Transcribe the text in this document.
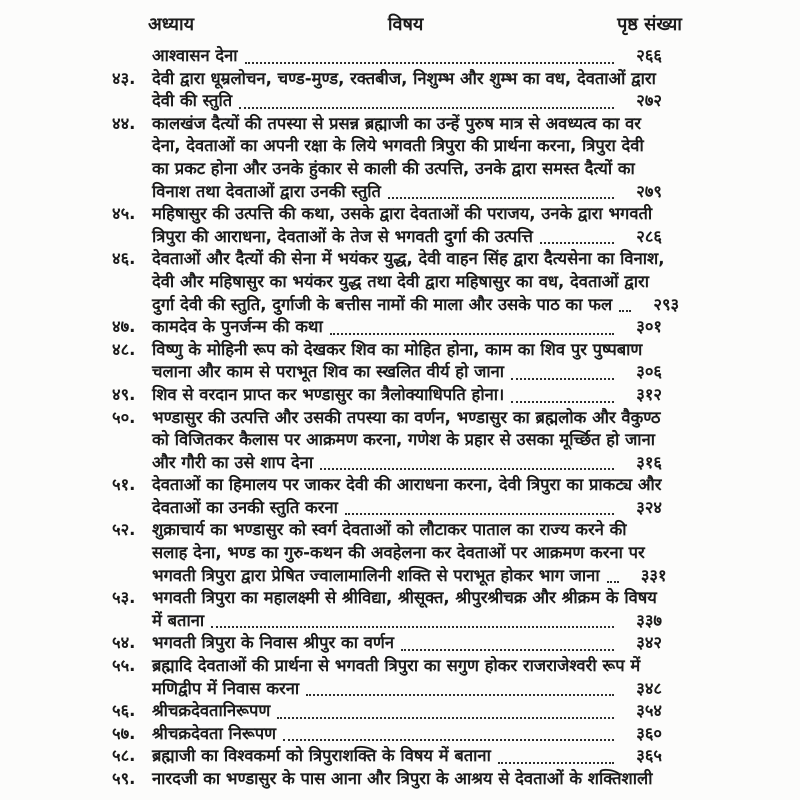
अध्याय	विषय	पृष्ठ संख्या
आश्वासन देना	२६६
४३.	देवी द्वारा धूम्रलोचन, चण्ड-मुण्ड, रक्तबीज, निशुम्भ और शुम्भ का वध, देवताओं द्वारा
देवी की स्तुति	२७२
४४.	कालखंज दैत्यों की तपस्या से प्रसन्न ब्रह्माजी का उन्हें पुरुष मात्र से अवध्यत्व का वर
देना, देवताओं का अपनी रक्षा के लिये भगवती त्रिपुरा की प्रार्थना करना, त्रिपुरा देवी
का प्रकट होना और उनके हुंकार से काली की उत्पत्ति, उनके द्वारा समस्त दैत्यों का
विनाश तथा देवताओं द्वारा उनकी स्तुति	२७९
४५.	महिषासुर की उत्पत्ति की कथा, उसके द्वारा देवताओं की पराजय, उनके द्वारा भगवती
त्रिपुरा की आराधना, देवताओं के तेज से भगवती दुर्गा की उत्पत्ति	२८६
४६.	देवताओं और दैत्यों की सेना में भयंकर युद्ध, देवी वाहन सिंह द्वारा दैत्यसेना का विनाश,
देवी और महिषासुर का भयंकर युद्ध तथा देवी द्वारा महिषासुर का वध, देवताओं द्वारा
दुर्गा देवी की स्तुति, दुर्गाजी के बत्तीस नामों की माला और उसके पाठ का फल	२९३
४७.	कामदेव के पुनर्जन्म की कथा	३०१
४८.	विष्णु के मोहिनी रूप को देखकर शिव का मोहित होना, काम का शिव पुर पुष्पबाण
चलाना और काम से पराभूत शिव का स्खलित वीर्य हो जाना	३०६
४९.	शिव से वरदान प्राप्त कर भण्डासुर का त्रैलोक्याधिपति होना।	३१२
५०.	भण्डासुर की उत्पत्ति और उसकी तपस्या का वर्णन, भण्डासुर का ब्रह्मलोक और वैकुण्ठ
को विजितकर कैलास पर आक्रमण करना, गणेश के प्रहार से उसका मूर्च्छित हो जाना
और गौरी का उसे शाप देना	३१६
५१.	देवताओं का हिमालय पर जाकर देवी की आराधना करना, देवी त्रिपुरा का प्राकट्य और
देवताओं का उनकी स्तुति करना	३२४
५२.	शुक्राचार्य का भण्डासुर को स्वर्ग देवताओं को लौटाकर पाताल का राज्य करने की
सलाह देना, भण्ड का गुरु-कथन की अवहेलना कर देवताओं पर आक्रमण करना पर
भगवती त्रिपुरा द्वारा प्रेषित ज्वालामालिनी शक्ति से पराभूत होकर भाग जाना	३३१
५३.	भगवती त्रिपुरा का महालक्ष्मी से श्रीविद्या, श्रीसूक्त, श्रीपुरश्रीचक्र और श्रीक्रम के विषय
में बताना	३३७
५४.	भगवती त्रिपुरा के निवास श्रीपुर का वर्णन	३४२
५५.	ब्रह्मादि देवताओं की प्रार्थना से भगवती त्रिपुरा का सगुण होकर राजराजेश्वरी रूप में
मणिद्वीप में निवास करना	३४८
५६.	श्रीचक्रदेवतानिरूपण	३५४
५७.	श्रीचक्रदेवता निरूपण	३६०
५८.	ब्रह्माजी का विश्वकर्मा को त्रिपुराशक्ति के विषय में बताना	३६५
५९.	नारदजी का भण्डासुर के पास आना और त्रिपुरा के आश्रय से देवताओं के शक्तिशाली
